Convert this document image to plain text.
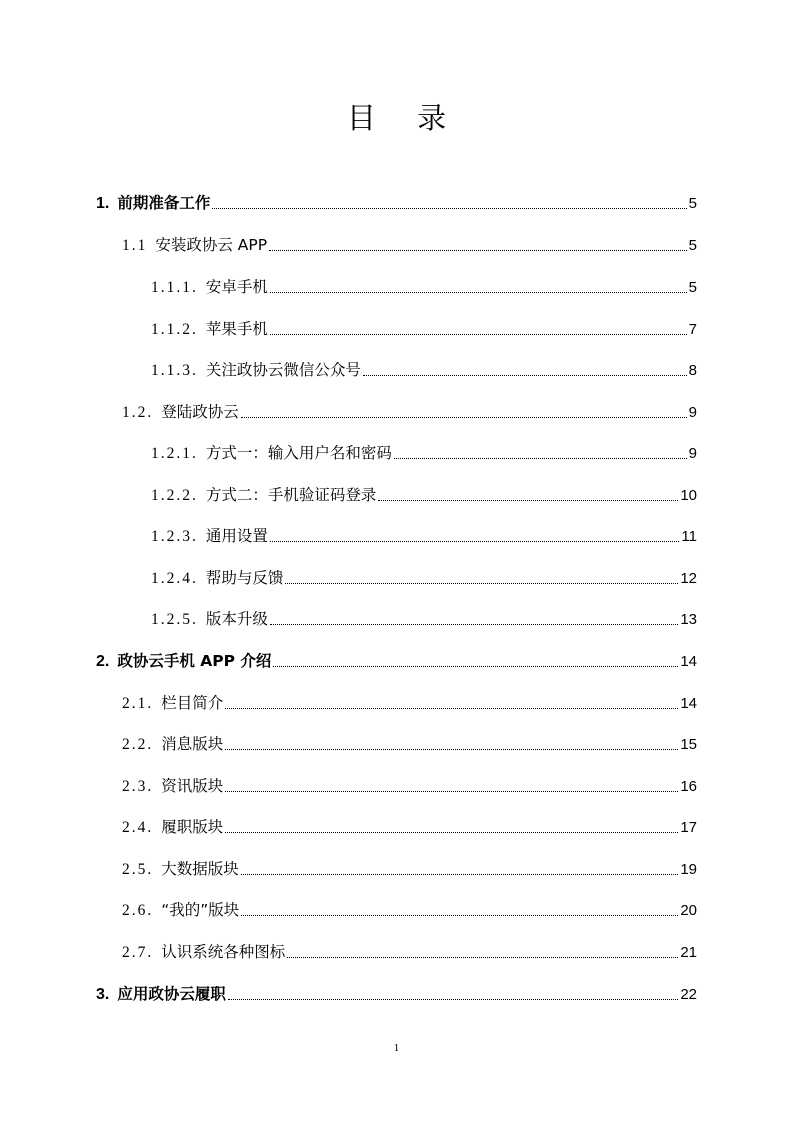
目 录
1. 前期准备工作	5
1.1 安装政协云 APP	5
1.1.1. 安卓手机	5
1.1.2. 苹果手机	7
1.1.3. 关注政协云微信公众号	8
1.2. 登陆政协云	9
1.2.1. 方式一：输入用户名和密码	9
1.2.2. 方式二：手机验证码登录	10
1.2.3. 通用设置	11
1.2.4. 帮助与反馈	12
1.2.5. 版本升级	13
2. 政协云手机 APP 介绍	14
2.1. 栏目简介	14
2.2. 消息版块	15
2.3. 资讯版块	16
2.4. 履职版块	17
2.5. 大数据版块	19
2.6. “我的”版块	20
2.7. 认识系统各种图标	21
3. 应用政协云履职	22
1
